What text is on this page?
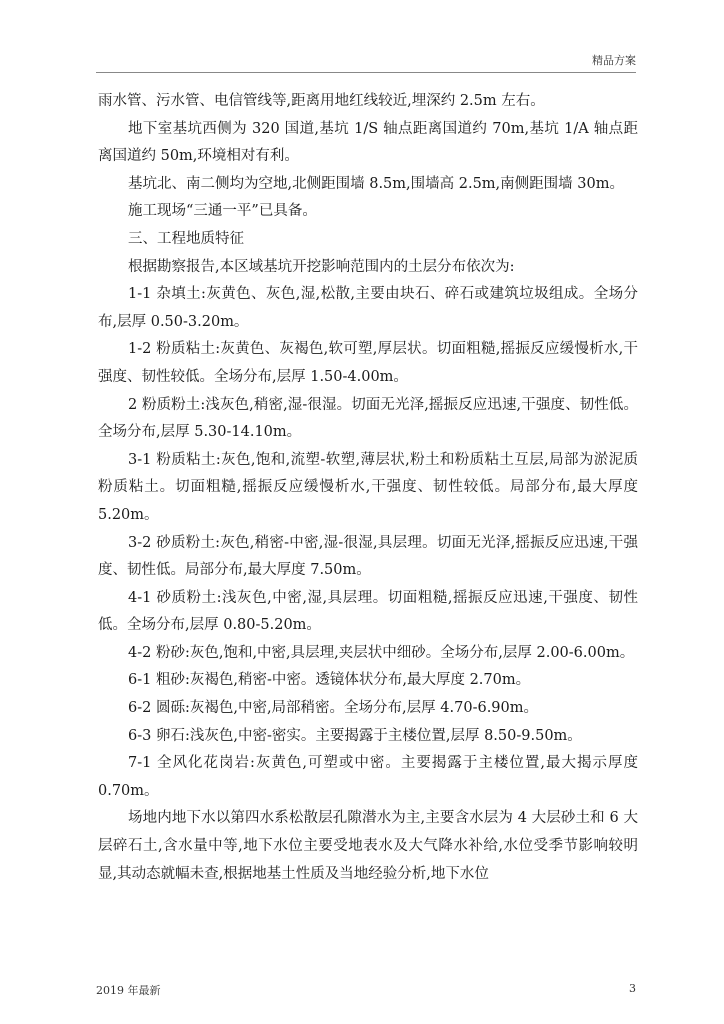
精品方案

雨水管、污水管、电信管线等,距离用地红线较近,埋深约 2.5m 左右。

地下室基坑西侧为 320 国道,基坑 1/S 轴点距离国道约 70m,基坑 1/A 轴点距离国道约 50m,环境相对有利。

基坑北、南二侧均为空地,北侧距围墙 8.5m,围墙高 2.5m,南侧距围墙 30m。

施工现场“三通一平”已具备。

三、工程地质特征

根据勘察报告,本区域基坑开挖影响范围内的土层分布依次为:

1-1 杂填土:灰黄色、灰色,湿,松散,主要由块石、碎石或建筑垃圾组成。全场分布,层厚 0.50-3.20m。

1-2 粉质粘土:灰黄色、灰褐色,软可塑,厚层状。切面粗糙,摇振反应缓慢析水,干强度、韧性较低。全场分布,层厚 1.50-4.00m。

2 粉质粉土:浅灰色,稍密,湿-很湿。切面无光泽,摇振反应迅速,干强度、韧性低。全场分布,层厚 5.30-14.10m。

3-1 粉质粘土:灰色,饱和,流塑-软塑,薄层状,粉土和粉质粘土互层,局部为淤泥质粉质粘土。切面粗糙,摇振反应缓慢析水,干强度、韧性较低。局部分布,最大厚度 5.20m。

3-2 砂质粉土:灰色,稍密-中密,湿-很湿,具层理。切面无光泽,摇振反应迅速,干强度、韧性低。局部分布,最大厚度 7.50m。

4-1 砂质粉土:浅灰色,中密,湿,具层理。切面粗糙,摇振反应迅速,干强度、韧性低。全场分布,层厚 0.80-5.20m。

4-2 粉砂:灰色,饱和,中密,具层理,夹层状中细砂。全场分布,层厚 2.00-6.00m。

6-1 粗砂:灰褐色,稍密-中密。透镜体状分布,最大厚度 2.70m。

6-2 圆砾:灰褐色,中密,局部稍密。全场分布,层厚 4.70-6.90m。

6-3 卵石:浅灰色,中密-密实。主要揭露于主楼位置,层厚 8.50-9.50m。

7-1 全风化花岗岩:灰黄色,可塑或中密。主要揭露于主楼位置,最大揭示厚度 0.70m。

场地内地下水以第四水系松散层孔隙潜水为主,主要含水层为 4 大层砂土和 6 大层碎石土,含水量中等,地下水位主要受地表水及大气降水补给,水位受季节影响较明显,其动态就幅未查,根据地基土性质及当地经验分析,地下水位

2019 年最新	3
